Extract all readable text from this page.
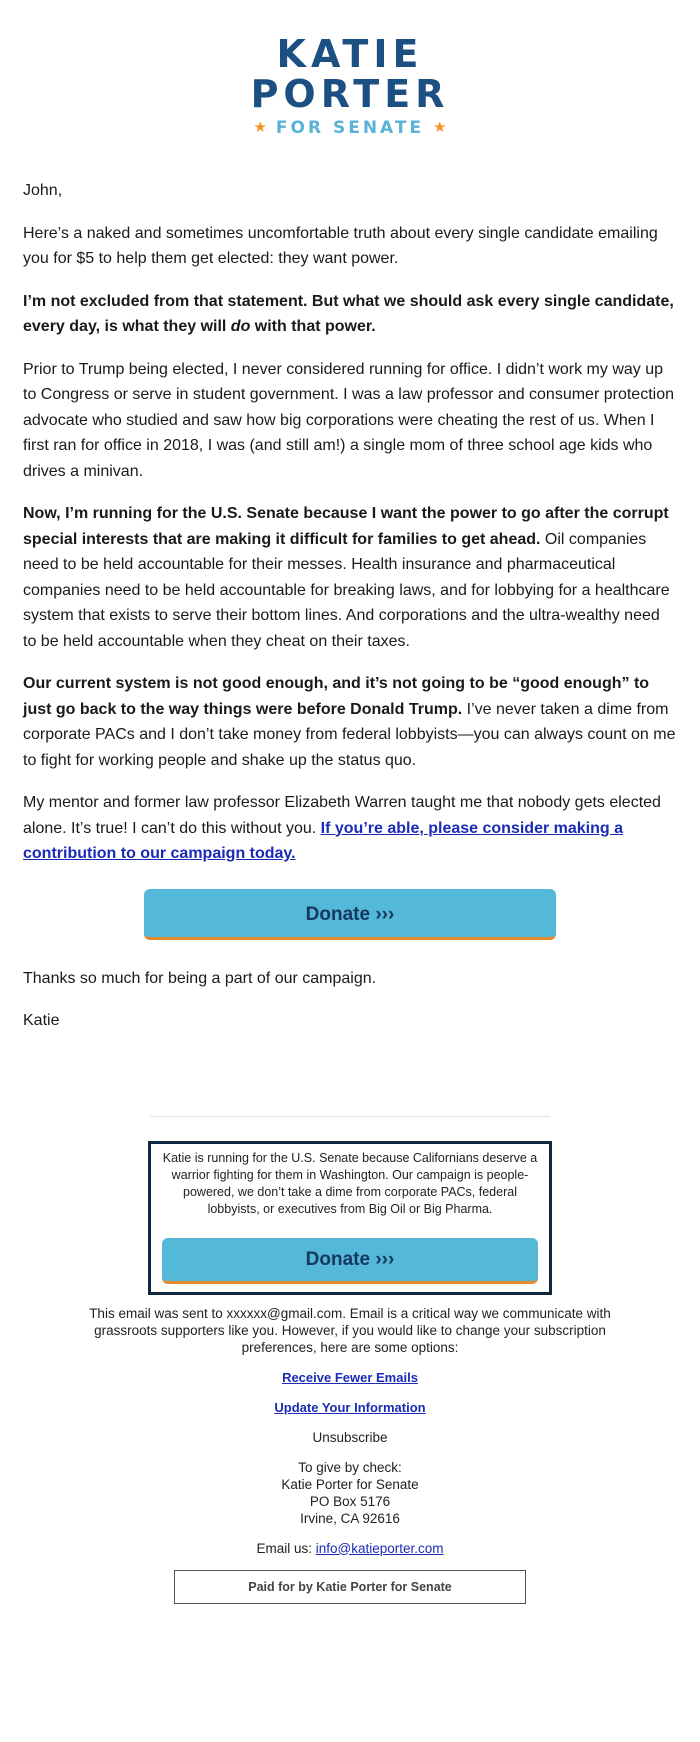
KATIE
PORTER
★ FOR SENATE ★

John,

Here’s a naked and sometimes uncomfortable truth about every single candidate emailing you for $5 to help them get elected: they want power.

I’m not excluded from that statement. But what we should ask every single candidate, every day, is what they will do with that power.

Prior to Trump being elected, I never considered running for office. I didn’t work my way up to Congress or serve in student government. I was a law professor and consumer protection advocate who studied and saw how big corporations were cheating the rest of us. When I first ran for office in 2018, I was (and still am!) a single mom of three school age kids who drives a minivan.

Now, I’m running for the U.S. Senate because I want the power to go after the corrupt special interests that are making it difficult for families to get ahead. Oil companies need to be held accountable for their messes. Health insurance and pharmaceutical companies need to be held accountable for breaking laws, and for lobbying for a healthcare system that exists to serve their bottom lines. And corporations and the ultra-wealthy need to be held accountable when they cheat on their taxes.

Our current system is not good enough, and it’s not going to be “good enough” to just go back to the way things were before Donald Trump. I’ve never taken a dime from corporate PACs and I don’t take money from federal lobbyists—you can always count on me to fight for working people and shake up the status quo.

My mentor and former law professor Elizabeth Warren taught me that nobody gets elected alone. It’s true! I can’t do this without you. If you’re able, please consider making a contribution to our campaign today.

Donate ›››

Thanks so much for being a part of our campaign.

Katie

Katie is running for the U.S. Senate because Californians deserve a warrior fighting for them in Washington. Our campaign is people-powered, we don’t take a dime from corporate PACs, federal lobbyists, or executives from Big Oil or Big Pharma.
Donate ›››

This email was sent to xxxxxx@gmail.com. Email is a critical way we communicate with grassroots supporters like you. However, if you would like to change your subscription preferences, here are some options:

Receive Fewer Emails

Update Your Information

Unsubscribe

To give by check:
Katie Porter for Senate
PO Box 5176
Irvine, CA 92616

Email us: info@katieporter.com

Paid for by Katie Porter for Senate
